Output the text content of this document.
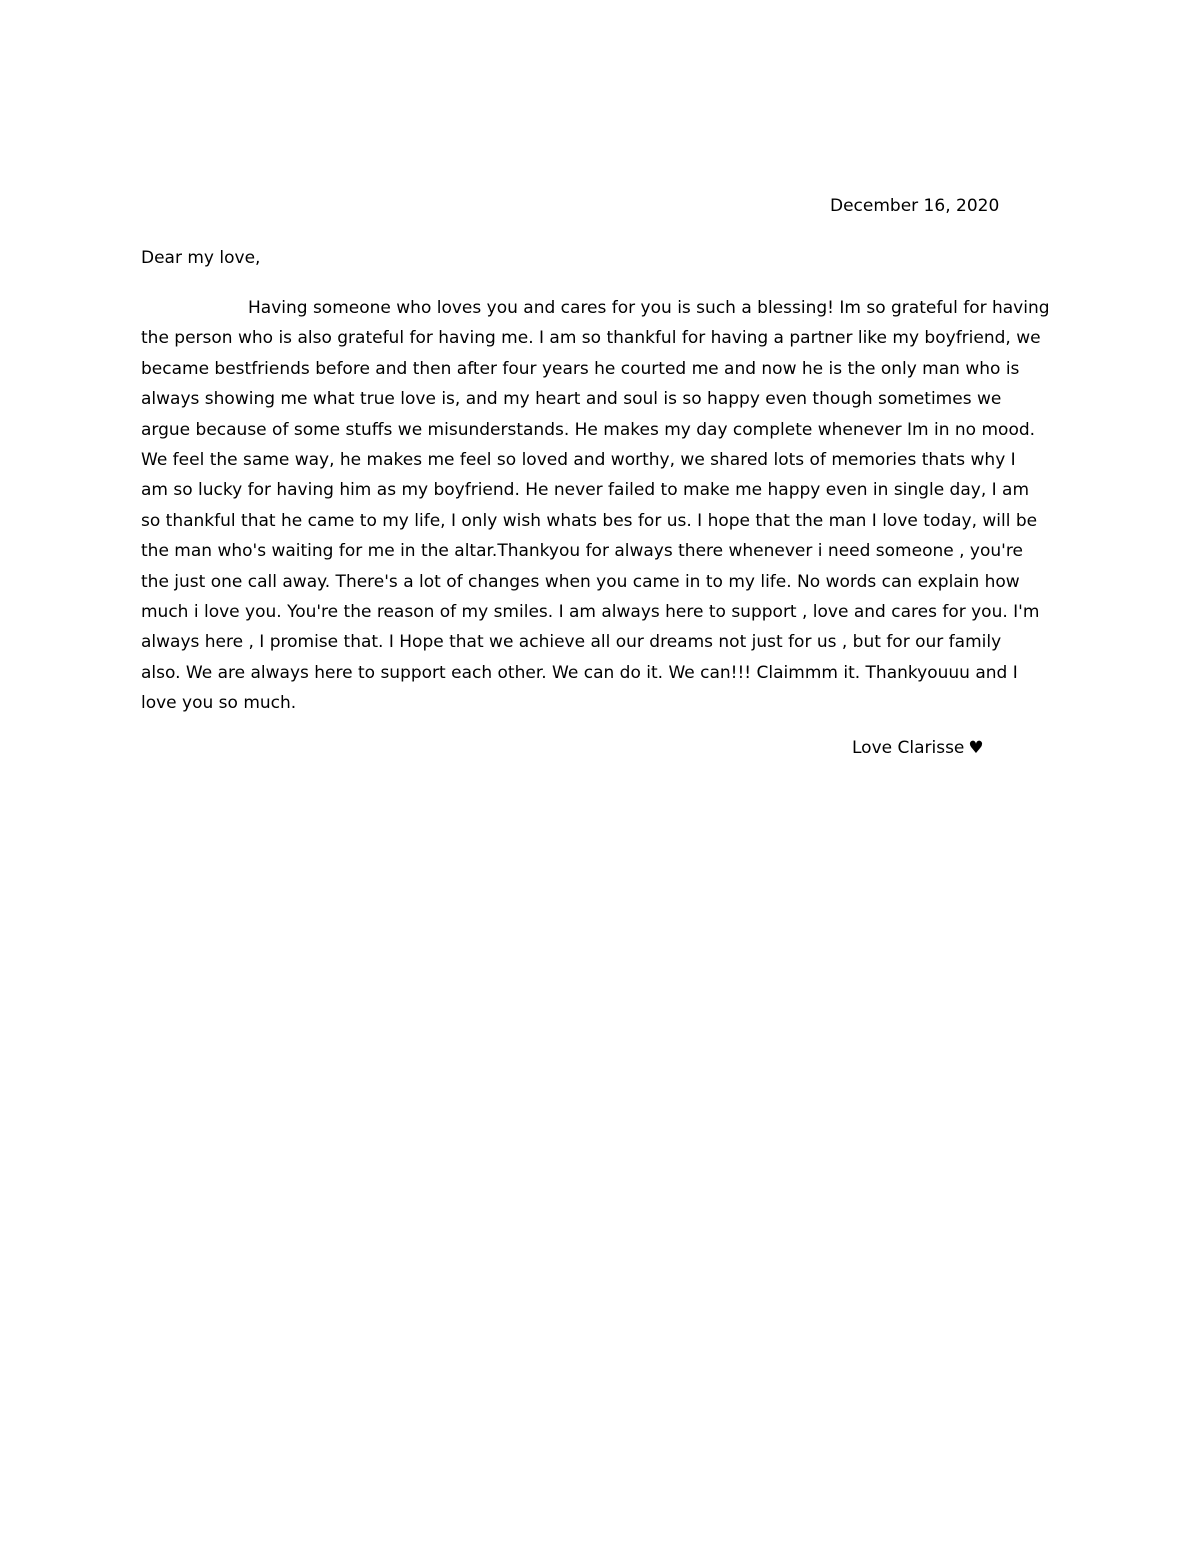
December 16, 2020
Dear my love,
Having someone who loves you and cares for you is such a blessing! Im so grateful for having
the person who is also grateful for having me. I am so thankful for having a partner like my boyfriend, we
became bestfriends before and then after four years he courted me and now he is the only man who is
always showing me what true love is, and my heart and soul is so happy even though sometimes we
argue because of some stuffs we misunderstands. He makes my day complete whenever Im in no mood.
We feel the same way, he makes me feel so loved and worthy, we shared lots of memories thats why I
am so lucky for having him as my boyfriend. He never failed to make me happy even in single day, I am
so thankful that he came to my life, I only wish whats bes for us. I hope that the man I love today, will be
the man who's waiting for me in the altar.Thankyou for always there whenever i need someone , you're
the just one call away. There's a lot of changes when you came in to my life. No words can explain how
much i love you. You're the reason of my smiles. I am always here to support , love and cares for you. I'm
always here , I promise that. I Hope that we achieve all our dreams not just for us , but for our family
also. We are always here to support each other. We can do it. We can!!! Claimmm it. Thankyouuu and I
love you so much.
Love Clarisse ♥
